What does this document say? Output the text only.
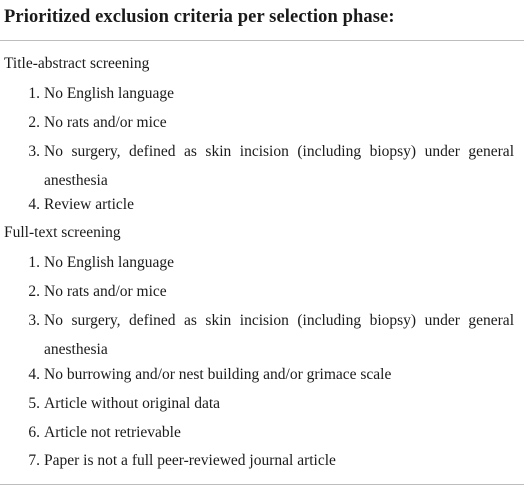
Prioritized exclusion criteria per selection phase:
Title-abstract screening
1. No English language
2. No rats and/or mice
3. No surgery, defined as skin incision (including biopsy) under general anesthesia
4. Review article
Full-text screening
1. No English language
2. No rats and/or mice
3. No surgery, defined as skin incision (including biopsy) under general anesthesia
4. No burrowing and/or nest building and/or grimace scale
5. Article without original data
6. Article not retrievable
7. Paper is not a full peer-reviewed journal article
